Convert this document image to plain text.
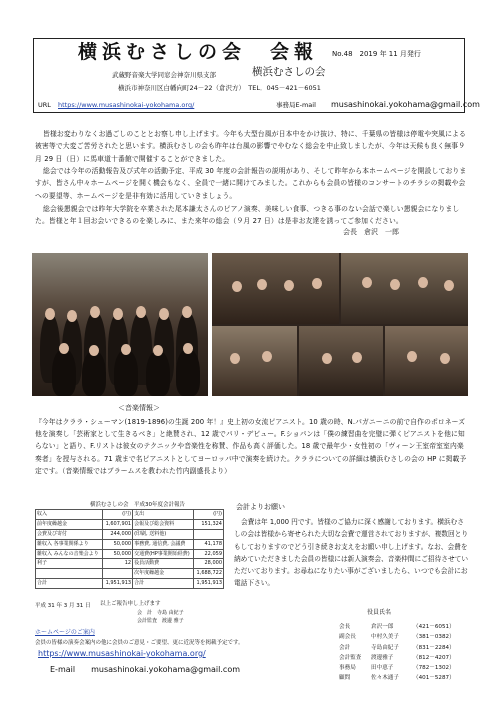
横浜むさしの会　会報 No.48　2019 年 11 月発行
武蔵野音楽大学同窓会神奈川県支部	横浜むさしの会
横浜市神奈川区白幡向町24－22（倉沢方）　TEL．045－421－6051
URL https://www.musashinokai-yokohama.org/	事務局E-mail musashinokai.yokohama@gmail.com

皆様お変わりなくお過ごしのこととお察し申し上げます。今年も大型台風が日本中をかけ抜け、特に、千葉県の皆様は停電や突風による被害等で大変ご苦労されたと思います。横浜むさしの会も昨年は台風の影響でやむなく総会を中止致しましたが、今年は天候も良く無事９月 29 日（日）に馬車道十番館で開催することができました。

総会では今年の活動報告及び式年の活動予定、平成 30 年度の会計報告の説明があり、そして昨年から本ホームページを開設しておりますが、皆さん中々ホームページを開く機会もなく、全員で一緒に開けてみました。これからも会員の皆様のコンサートのチラシの掲載や会への要望等、ホームページを是非有効に活用していきましょう。

総会後懇親会では昨年大学院を卒業された尾本謙太さんのピアノ演奏、美味しい食事、つきる事のない会話で楽しい懇親会になりました。皆様と年１回お会いできるのを楽しみに、また来年の総会（９月 27 日）は是非お友達を誘ってご参加ください。

会長　倉沢　一郎
＜音楽情報＞

『今年はクララ・シューマン(1819-1896)の生誕 200 年！』史上初の女流ピアニスト。10 歳の時、N.パガニーニの前で自作のポロネーズ他を演奏し「芸術家として生きるべき」と絶賛され、12 歳でパリ・デビュー。F.ショパンは「僕の練習曲を完璧に弾くピアニストを他に知らない」と語り、F.リストは彼女のテクニックや音楽性を称賛、作品も高く評価した。18 歳で最年少・女性初の「ヴィーン王室帝室室内楽奏者」を授与される。71 歳まで名ピアニストとしてヨーロッパ中で演奏を続けた。クララについての詳細は横浜むさしの会の HP に掲載予定です。（音楽情報ではブラームスを教われた竹内副盛長より）

横浜むさしの会　平成30年度会計報告
収入	(円)	支出	(円)
前年度繰越金	1,607,901	会報及び総会資料	151,324
会費及び寄付	244,000	(印刷, 送料他)	
雑収入 各事業関係より	50,000	事務費, 通信費, 会議費	41,178
雑収入 みんなの音楽会より	50,000	交通費(HP事業開始経費)	22,059
利子	12	役員活動費	28,000
		次年度繰越金	1,688,722
合計	1,951,913	合計	1,951,913
平成 31 年 3 月 31 日 以上ご報告申し上げます
会　計　寺島 由紀子
会計監査　渡邊 雅子
ホームページのご案内
会員の皆様の演奏会案内の他に会員のご意見・ご要望、更に近況等を掲載予定です。
https://www.musashinokai-yokohama.org/
E-mail　　 musashinokai.yokohama@gmail.com
会計よりお願い

会費は年 1,000 円です。皆様のご協力に深く感謝しております。横浜むさしの会は皆様から寄せられた大切な会費で運営されておりますが、複数回とりもしておりますのでどう引き続きお支えをお願い申し上げます。なお、会費を納めていただきました会員の皆様には新人演奏会、音楽仲間にご招待させていただいております。お尋ねになりたい事がございましたら、いつでも会計にお電話下さい。

役員氏名
会長	倉沢一郎	（421－6051）
副会長	中村久美子	（381－0382）
会計	寺島由紀子	（831－2284）
会計監査 渡邊雅子	（812－4207）
事務局	田中恵子	（782－1302）
顧問	佐々木通子	（401－5287）
